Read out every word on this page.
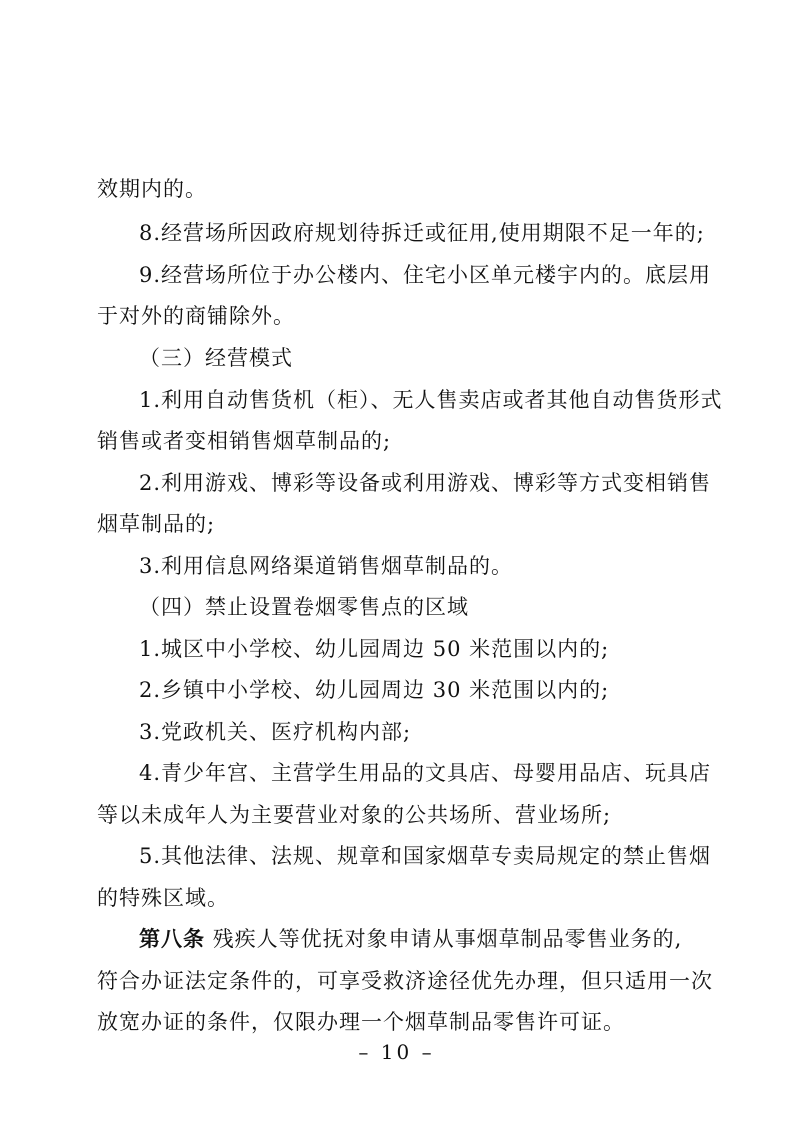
效期内的。
8.经营场所因政府规划待拆迁或征用,使用期限不足一年的;
9.经营场所位于办公楼内、住宅小区单元楼宇内的。底层用
于对外的商铺除外。
（三）经营模式
1.利用自动售货机（柜）、无人售卖店或者其他自动售货形式
销售或者变相销售烟草制品的;
2.利用游戏、博彩等设备或利用游戏、博彩等方式变相销售
烟草制品的;
3.利用信息网络渠道销售烟草制品的。
（四）禁止设置卷烟零售点的区域
1.城区中小学校、幼儿园周边 50 米范围以内的;
2.乡镇中小学校、幼儿园周边 30 米范围以内的;
3.党政机关、医疗机构内部;
4.青少年宫、主营学生用品的文具店、母婴用品店、玩具店
等以未成年人为主要营业对象的公共场所、营业场所;
5.其他法律、法规、规章和国家烟草专卖局规定的禁止售烟
的特殊区域。
第八条 残疾人等优抚对象申请从事烟草制品零售业务的,
符合办证法定条件的，可享受救济途径优先办理，但只适用一次
放宽办证的条件，仅限办理一个烟草制品零售许可证。
– 10 –
